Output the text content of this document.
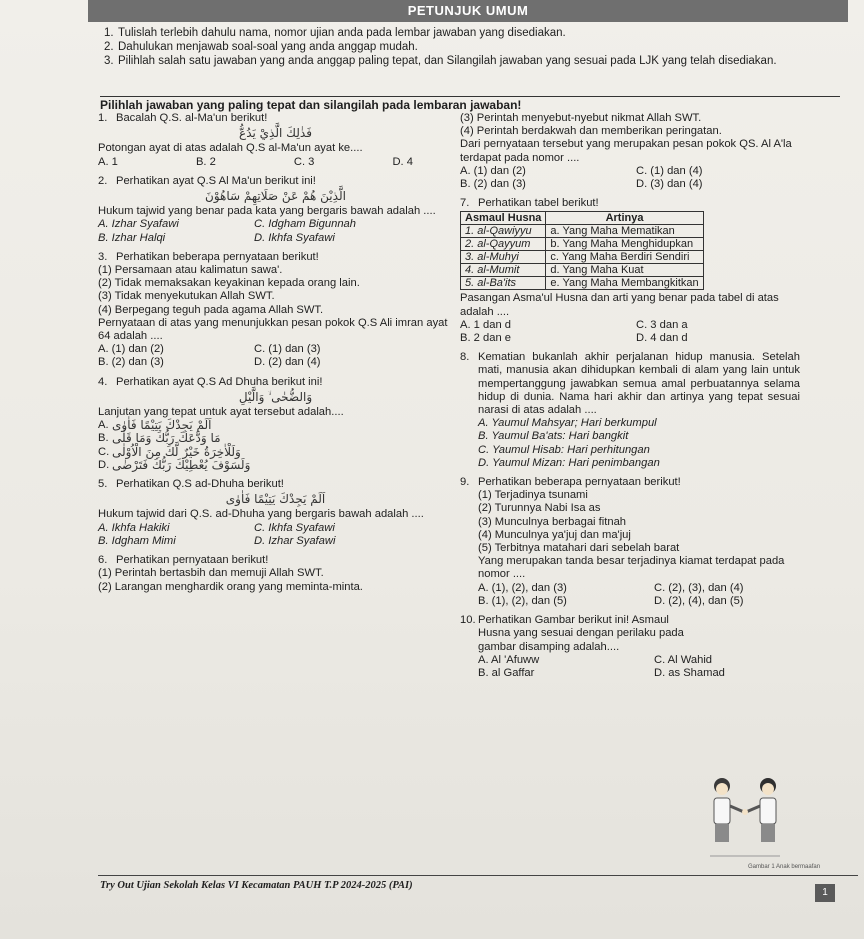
PETUNJUK UMUM
1. Tulislah terlebih dahulu nama, nomor ujian anda pada lembar jawaban yang disediakan.
2. Dahulukan menjawab soal-soal yang anda anggap mudah.
3. Pilihlah salah satu jawaban yang anda anggap paling tepat, dan Silangilah jawaban yang sesuai pada LJK yang telah disediakan.
Pilihlah jawaban yang paling tepat dan silangilah pada lembaran jawaban!
1. Bacalah Q.S. al-Ma'un berikut!
فَذٰلِكَ الَّذِيْ يَدُعُّ
Potongan ayat di atas adalah Q.S al-Ma'un ayat ke....
A. 1	B. 2	C. 3	D. 4
2. Perhatikan ayat Q.S Al Ma'un berikut ini!
الَّذِيْنَ هُمْ عَنْ صَلَاتِهِمْ سَاهُوْنَ
Hukum tajwid yang benar pada kata yang bergaris bawah adalah ....
A. Izhar Syafawi	C. Idgham Bigunnah
B. Izhar Halqi	D. Ikhfa Syafawi
3. Perhatikan beberapa pernyataan berikut!
(1) Persamaan atau kalimatun sawa'.
(2) Tidak memaksakan keyakinan kepada orang lain.
(3) Tidak menyekutukan Allah SWT.
(4) Berpegang teguh pada agama Allah SWT.
Pernyataan di atas yang menunjukkan pesan pokok Q.S Ali imran ayat 64 adalah ....
A. (1) dan (2)	C. (1) dan (3)
B. (2) dan (3)	D. (2) dan (4)
4. Perhatikan ayat Q.S Ad Dhuha berikut ini!
وَالضُّحٰى ۙ وَالَّيْلِ
Lanjutan yang tepat untuk ayat tersebut adalah....
A. اَلَمْ يَجِدْكَ يَتِيْمًا فَاٰوٰى
B. مَا وَدَّعَكَ رَبُّكَ وَمَا قَلٰى
C. وَلَلْاٰخِرَةُ خَيْرٌ لَّكَ مِنَ الْاُوْلٰى
D. وَلَسَوْفَ يُعْطِيْكَ رَبُّكَ فَتَرْضٰى
5. Perhatikan Q.S ad-Dhuha berikut!
اَلَمْ يَجِدْكَ يَتِيْمًا فَاٰوٰى
Hukum tajwid dari Q.S. ad-Dhuha yang bergaris bawah adalah ....
A. Ikhfa Hakiki	C. Ikhfa Syafawi
B. Idgham Mimi	D. Izhar Syafawi
6. Perhatikan pernyataan berikut!
(1) Perintah bertasbih dan memuji Allah SWT.
(2) Larangan menghardik orang yang meminta-minta.
(3) Perintah menyebut-nyebut nikmat Allah SWT.
(4) Perintah berdakwah dan memberikan peringatan.
Dari pernyataan tersebut yang merupakan pesan pokok QS. Al A'la terdapat pada nomor ....
A. (1) dan (2)	C. (1) dan (4)
B. (2) dan (3)	D. (3) dan (4)
7. Perhatikan tabel berikut!
Asmaul Husna	Artinya
1. al-Qawiyyu	a. Yang Maha Mematikan
2. al-Qayyum	b. Yang Maha Menghidupkan
3. al-Muhyi	c. Yang Maha Berdiri Sendiri
4. al-Mumit	d. Yang Maha Kuat
5. al-Ba'its	e. Yang Maha Membangkitkan
Pasangan Asma'ul Husna dan arti yang benar pada tabel di atas adalah ....
A. 1 dan d	C. 3 dan a
B. 2 dan e	D. 4 dan d
8. Kematian bukanlah akhir perjalanan hidup manusia. Setelah mati, manusia akan dihidupkan kembali di alam yang lain untuk mempertanggung jawabkan semua amal perbuatannya selama hidup di dunia. Nama hari akhir dan artinya yang tepat sesuai narasi di atas adalah ....
A. Yaumul Mahsyar; Hari berkumpul
B. Yaumul Ba'ats: Hari bangkit
C. Yaumul Hisab: Hari perhitungan
D. Yaumul Mizan: Hari penimbangan
9. Perhatikan beberapa pernyataan berikut!
(1) Terjadinya tsunami
(2) Turunnya Nabi Isa as
(3) Munculnya berbagai fitnah
(4) Munculnya ya'juj dan ma'juj
(5) Terbitnya matahari dari sebelah barat
Yang merupakan tanda besar terjadinya kiamat terdapat pada nomor ....
A. (1), (2), dan (3)	C. (2), (3), dan (4)
B. (1), (2), dan (5)	D. (2), (4), dan (5)
10. Perhatikan Gambar berikut ini! Asmaul Husna yang sesuai dengan perilaku pada gambar disamping adalah....
A. Al 'Afuww	C. Al Wahid
B. al Gaffar	D. as Shamad
Gambar 1 Anak bermaafan
Try Out Ujian Sekolah Kelas VI Kecamatan PAUH T.P 2024-2025 (PAI)
1
